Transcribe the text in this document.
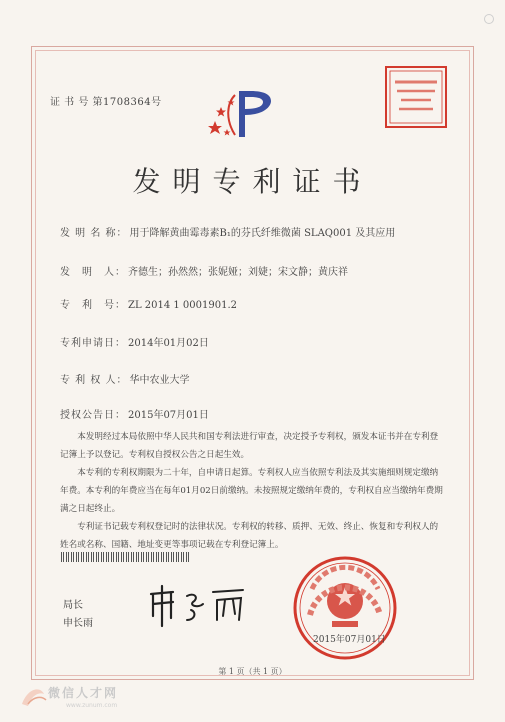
证 书 号 第1708364号
发明专利证书
发 明 名 称： 用于降解黄曲霉毒素B₁的芬氏纤维微菌 SLAQ001 及其应用
发　明　人： 齐德生；孙然然；张妮娅；刘婕；宋文静；黄庆祥
专　利　号： ZL 2014 1 0001901.2
专利申请日： 2014年01月02日
专 利 权 人： 华中农业大学
授权公告日： 2015年07月01日

本发明经过本局依照中华人民共和国专利法进行审查，决定授予专利权，颁发本证书并在专利登记簿上予以登记。专利权自授权公告之日起生效。

本专利的专利权期限为二十年，自申请日起算。专利权人应当依照专利法及其实施细则规定缴纳年费。本专利的年费应当在每年01月02日前缴纳。未按照规定缴纳年费的，专利权自应当缴纳年费期满之日起终止。

专利证书记载专利权登记时的法律状况。专利权的转移、质押、无效、终止、恢复和专利权人的姓名或名称、国籍、地址变更等事项记载在专利登记簿上。

局长
申长雨
2015年07月01日
第 1 页（共 1 页）
微信人才网
www.zunum.com
